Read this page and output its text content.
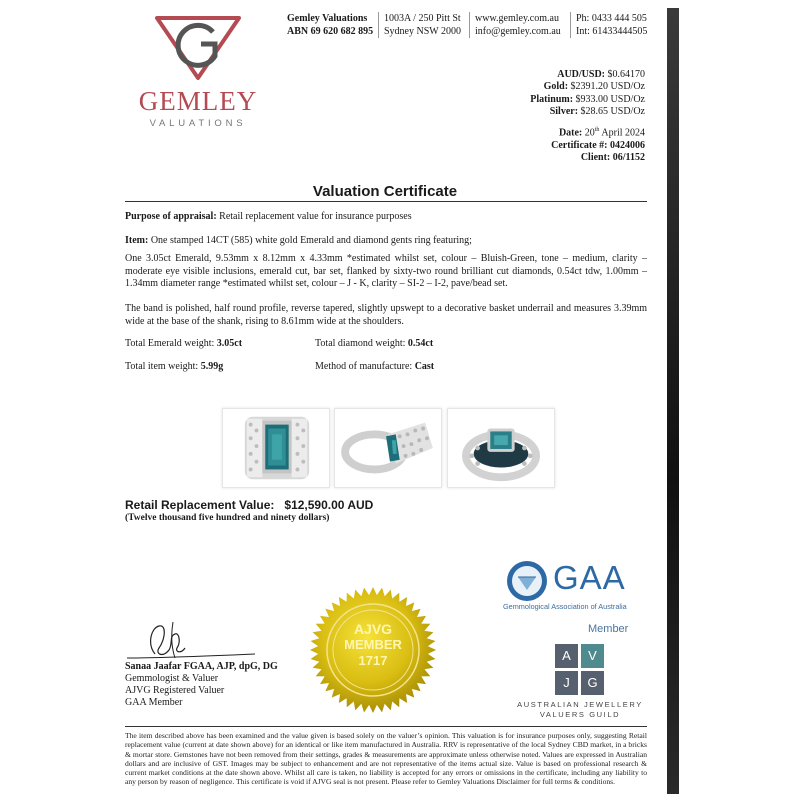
GEMLEY
VALUATIONS
Gemley Valuations
ABN 69 620 682 895
1003A / 250 Pitt St
Sydney NSW 2000
www.gemley.com.au
info@gemley.com.au
Ph: 0433 444 505
Int: 61433444505
AUD/USD: $0.64170
Gold: $2391.20 USD/Oz
Platinum: $933.00 USD/Oz
Silver: $28.65 USD/Oz
Date: 20th April 2024
Certificate #: 0424006
Client: 06/1152
Valuation Certificate
Purpose of appraisal: Retail replacement value for insurance purposes
Item: One stamped 14CT (585) white gold Emerald and diamond gents ring featuring;
One 3.05ct Emerald, 9.53mm x 8.12mm x 4.33mm *estimated whilst set, colour – Bluish-Green, tone – medium, clarity – moderate eye visible inclusions, emerald cut, bar set, flanked by sixty-two round brilliant cut diamonds, 0.54ct tdw, 1.00mm – 1.34mm diameter range *estimated whilst set, colour – J - K, clarity – SI-2 – I-2, pave/bead set.
The band is polished, half round profile, reverse tapered, slightly upswept to a decorative basket underrail and measures 3.39mm wide at the base of the shank, rising to 8.61mm wide at the shoulders.
Total Emerald weight: 3.05ct	Total diamond weight: 0.54ct
Total item weight: 5.99g	Method of manufacture: Cast
Retail Replacement Value: $12,590.00 AUD
(Twelve thousand five hundred and ninety dollars)
GAA
Gemmological Association of Australia
Member
A	V
J	G
AUSTRALIAN JEWELLERY
VALUERS GUILD
AJVG
MEMBER
1717
Sanaa Jaafar FGAA, AJP, dpG, DG
Gemmologist & Valuer
AJVG Registered Valuer
GAA Member
The item described above has been examined and the value given is based solely on the valuer’s opinion. This valuation is for insurance purposes only, suggesting Retail replacement value (current at date shown above) for an identical or like item manufactured in Australia. RRV is representative of the local Sydney CBD market, in a bricks & mortar store. Gemstones have not been removed from their settings, grades & measurements are approximate unless otherwise noted. Values are expressed in Australian dollars and are inclusive of GST. Images may be subject to enhancement and are not representative of the items actual size. Value is based on professional research & current market conditions at the date shown above. Whilst all care is taken, no liability is accepted for any errors or omissions in the certificate, including any liability to any person by reason of negligence. This certificate is void if AJVG seal is not present. Please refer to Gemley Valuations Disclaimer for full terms & conditions.
